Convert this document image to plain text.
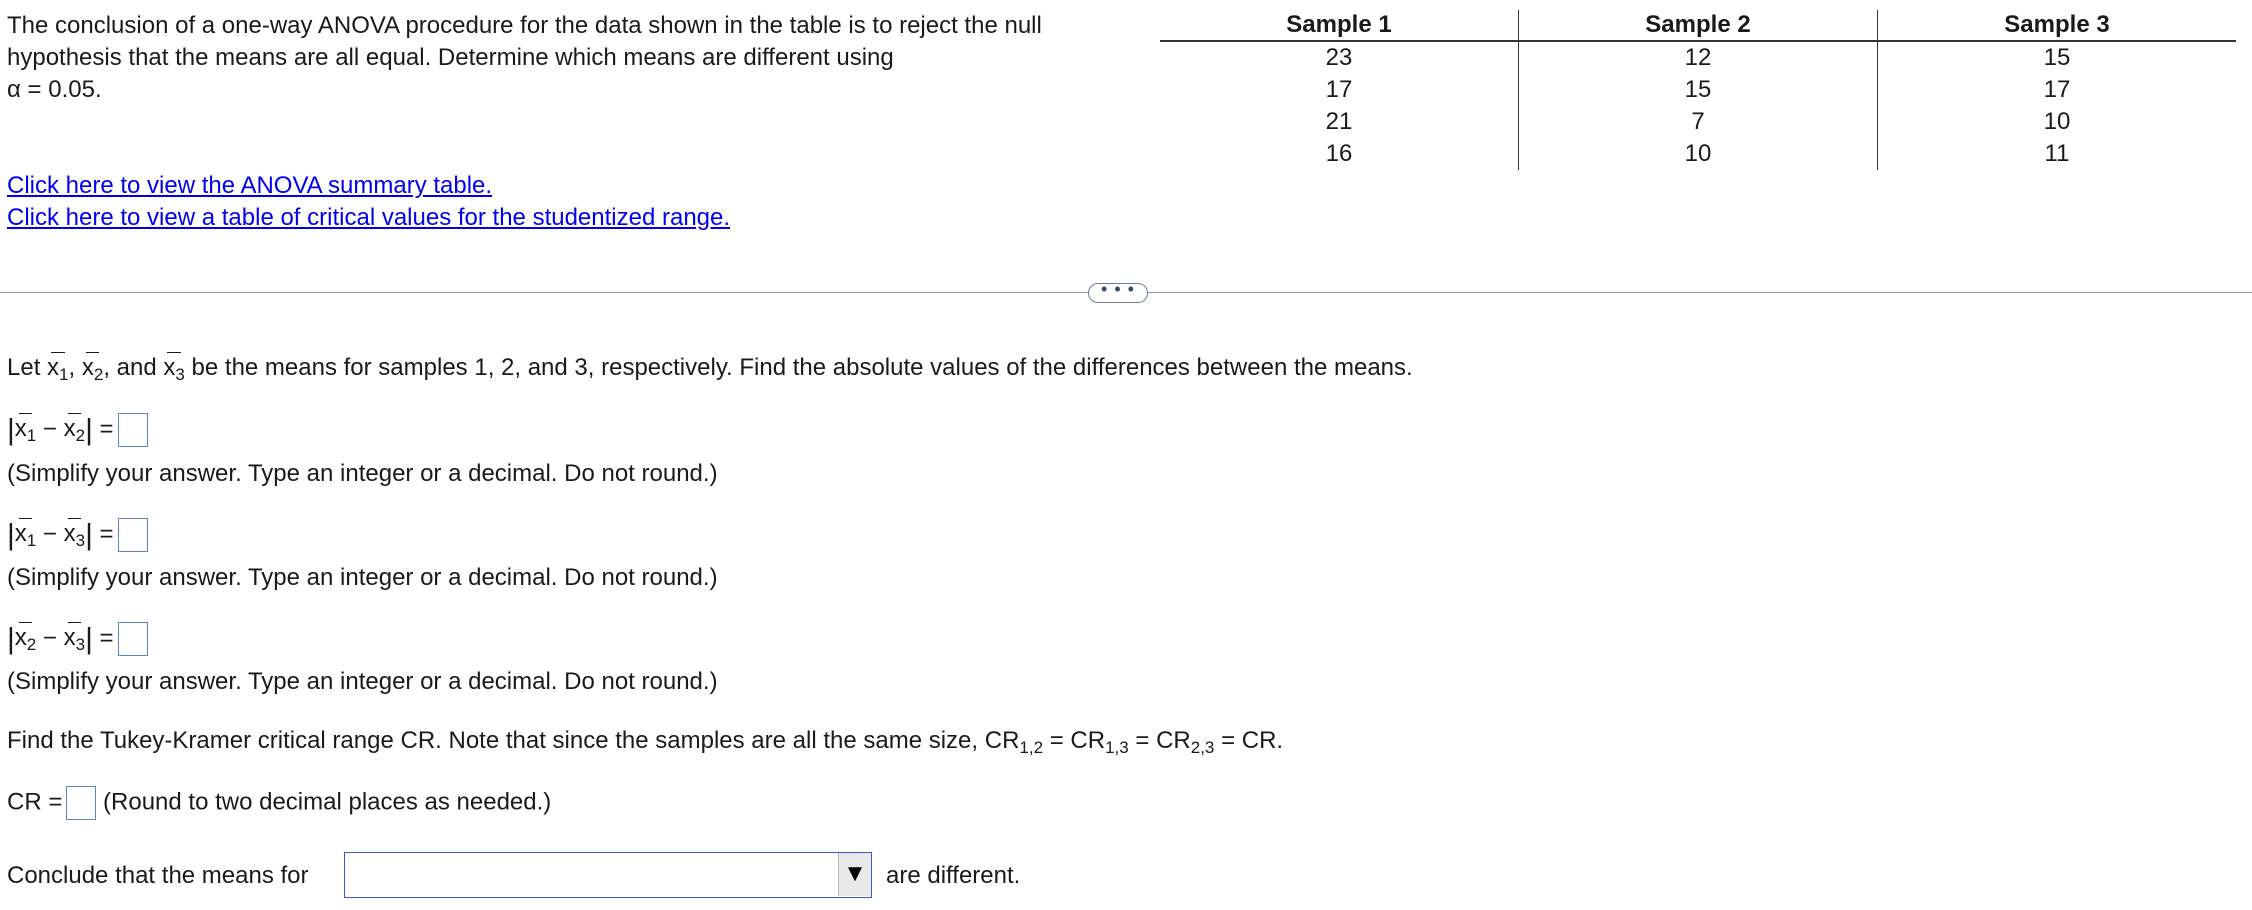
The conclusion of a one-way ANOVA procedure for the data shown in the table is to reject the null hypothesis that the means are all equal. Determine which means are different using
α = 0.05.
Click here to view the ANOVA summary table.
Click here to view a table of critical values for the studentized range.
Sample 1	Sample 2	Sample 3
23	12	15
17	15	17
21	7	10
16	10	11
• • •
Let $x_1$, $x_2$, and $x_3$ be the means for samples 1, 2, and 3, respectively. Find the absolute values of the differences between the means.
$|x_1 - x_2|$ =
(Simplify your answer. Type an integer or a decimal. Do not round.)
$|x_1 - x_3|$ =
(Simplify your answer. Type an integer or a decimal. Do not round.)
$|x_2 - x_3|$ =
(Simplify your answer. Type an integer or a decimal. Do not round.)
Find the Tukey-Kramer critical range CR. Note that since the samples are all the same size, $CR_{1,2} = CR_{1,3} = CR_{2,3}$ = CR.
CR = (Round to two decimal places as needed.)
Conclude that the means for	▼ are different.
